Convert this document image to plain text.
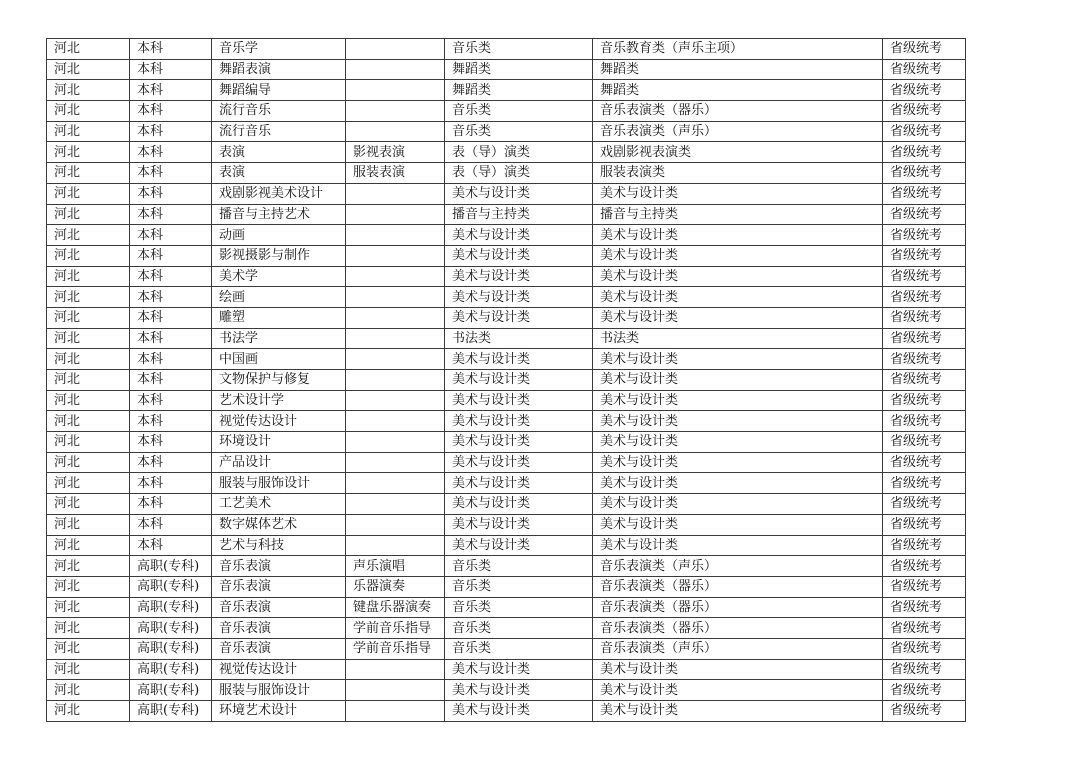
河北	本科	音乐学		音乐类	音乐教育类（声乐主项）	省级统考
河北	本科	舞蹈表演		舞蹈类	舞蹈类	省级统考
河北	本科	舞蹈编导		舞蹈类	舞蹈类	省级统考
河北	本科	流行音乐		音乐类	音乐表演类（器乐）	省级统考
河北	本科	流行音乐		音乐类	音乐表演类（声乐）	省级统考
河北	本科	表演	影视表演	表（导）演类	戏剧影视表演类	省级统考
河北	本科	表演	服装表演	表（导）演类	服装表演类	省级统考
河北	本科	戏剧影视美术设计		美术与设计类	美术与设计类	省级统考
河北	本科	播音与主持艺术		播音与主持类	播音与主持类	省级统考
河北	本科	动画		美术与设计类	美术与设计类	省级统考
河北	本科	影视摄影与制作		美术与设计类	美术与设计类	省级统考
河北	本科	美术学		美术与设计类	美术与设计类	省级统考
河北	本科	绘画		美术与设计类	美术与设计类	省级统考
河北	本科	雕塑		美术与设计类	美术与设计类	省级统考
河北	本科	书法学		书法类	书法类	省级统考
河北	本科	中国画		美术与设计类	美术与设计类	省级统考
河北	本科	文物保护与修复		美术与设计类	美术与设计类	省级统考
河北	本科	艺术设计学		美术与设计类	美术与设计类	省级统考
河北	本科	视觉传达设计		美术与设计类	美术与设计类	省级统考
河北	本科	环境设计		美术与设计类	美术与设计类	省级统考
河北	本科	产品设计		美术与设计类	美术与设计类	省级统考
河北	本科	服装与服饰设计		美术与设计类	美术与设计类	省级统考
河北	本科	工艺美术		美术与设计类	美术与设计类	省级统考
河北	本科	数字媒体艺术		美术与设计类	美术与设计类	省级统考
河北	本科	艺术与科技		美术与设计类	美术与设计类	省级统考
河北	高职(专科)	音乐表演	声乐演唱	音乐类	音乐表演类（声乐）	省级统考
河北	高职(专科)	音乐表演	乐器演奏	音乐类	音乐表演类（器乐）	省级统考
河北	高职(专科)	音乐表演	键盘乐器演奏	音乐类	音乐表演类（器乐）	省级统考
河北	高职(专科)	音乐表演	学前音乐指导	音乐类	音乐表演类（器乐）	省级统考
河北	高职(专科)	音乐表演	学前音乐指导	音乐类	音乐表演类（声乐）	省级统考
河北	高职(专科)	视觉传达设计		美术与设计类	美术与设计类	省级统考
河北	高职(专科)	服装与服饰设计		美术与设计类	美术与设计类	省级统考
河北	高职(专科)	环境艺术设计		美术与设计类	美术与设计类	省级统考
